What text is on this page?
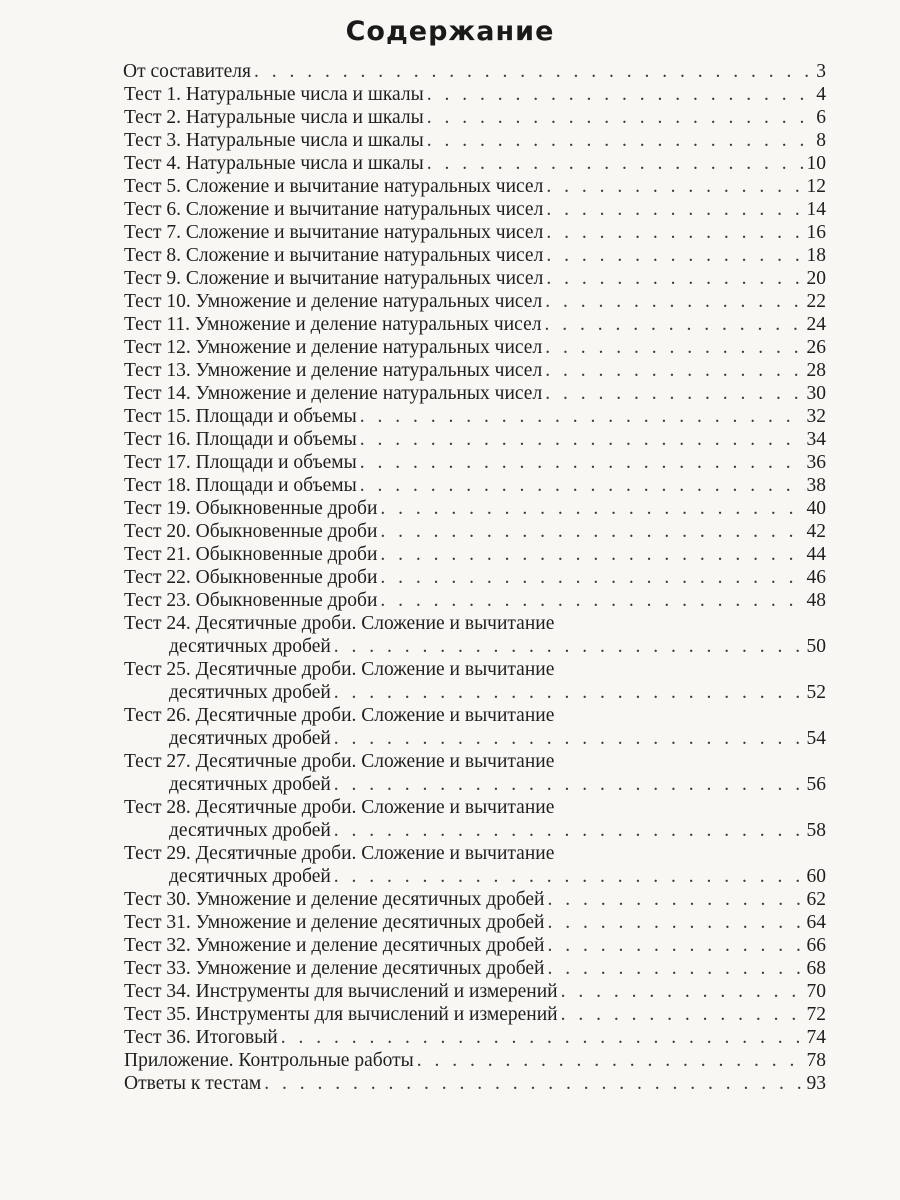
Содержание
От составителя . . .	3
Тест 1. Натуральные числа и шкалы . . .	4
Тест 2. Натуральные числа и шкалы . . .	6
Тест 3. Натуральные числа и шкалы . . .	8
Тест 4. Натуральные числа и шкалы . . .	10
Тест 5. Сложение и вычитание натуральных чисел . . .	12
Тест 6. Сложение и вычитание натуральных чисел . . .	14
Тест 7. Сложение и вычитание натуральных чисел . . .	16
Тест 8. Сложение и вычитание натуральных чисел . . .	18
Тест 9. Сложение и вычитание натуральных чисел . . .	20
Тест 10. Умножение и деление натуральных чисел . . .	22
Тест 11. Умножение и деление натуральных чисел . . .	24
Тест 12. Умножение и деление натуральных чисел . . .	26
Тест 13. Умножение и деление натуральных чисел . . .	28
Тест 14. Умножение и деление натуральных чисел . . .	30
Тест 15. Площади и объемы . . .	32
Тест 16. Площади и объемы . . .	34
Тест 17. Площади и объемы . . .	36
Тест 18. Площади и объемы . . .	38
Тест 19. Обыкновенные дроби . . .	40
Тест 20. Обыкновенные дроби . . .	42
Тест 21. Обыкновенные дроби . . .	44
Тест 22. Обыкновенные дроби . . .	46
Тест 23. Обыкновенные дроби . . .	48
Тест 24. Десятичные дроби. Сложение и вычитание
десятичных дробей . . .	50
Тест 25. Десятичные дроби. Сложение и вычитание
десятичных дробей . . .	52
Тест 26. Десятичные дроби. Сложение и вычитание
десятичных дробей . . .	54
Тест 27. Десятичные дроби. Сложение и вычитание
десятичных дробей . . .	56
Тест 28. Десятичные дроби. Сложение и вычитание
десятичных дробей . . .	58
Тест 29. Десятичные дроби. Сложение и вычитание
десятичных дробей . . .	60
Тест 30. Умножение и деление десятичных дробей . . .	62
Тест 31. Умножение и деление десятичных дробей . . .	64
Тест 32. Умножение и деление десятичных дробей . . .	66
Тест 33. Умножение и деление десятичных дробей . . .	68
Тест 34. Инструменты для вычислений и измерений . . .	70
Тест 35. Инструменты для вычислений и измерений . . .	72
Тест 36. Итоговый . . .	74
Приложение. Контрольные работы . . .	78
Ответы к тестам . . .	93
